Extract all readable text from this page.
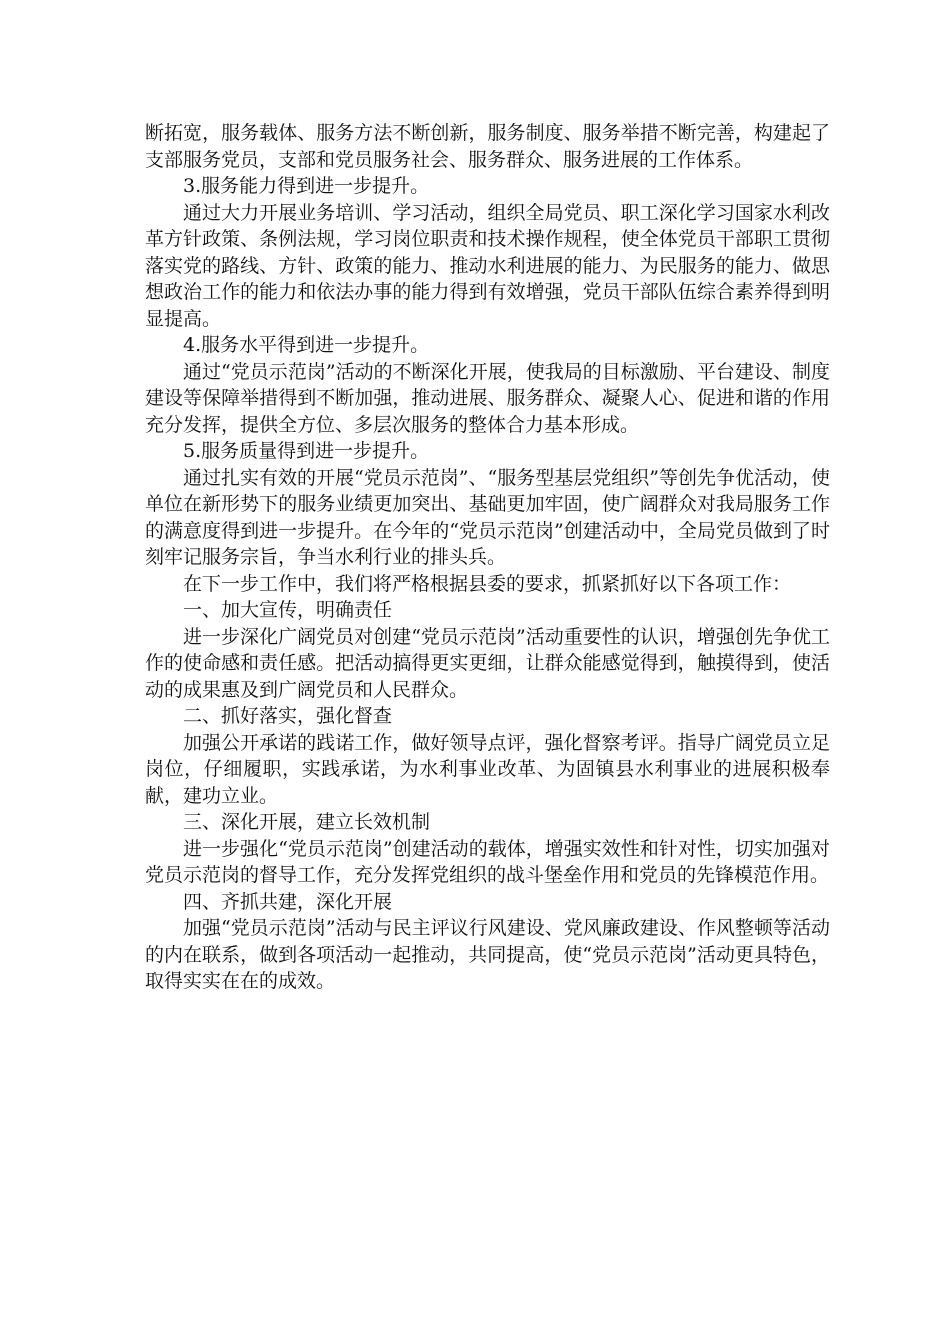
断拓宽，服务载体、服务方法不断创新，服务制度、服务举措不断完善，构建起了支部服务党员，支部和党员服务社会、服务群众、服务进展的工作体系。

3.服务能力得到进一步提升。

通过大力开展业务培训、学习活动，组织全局党员、职工深化学习国家水利改革方针政策、条例法规，学习岗位职责和技术操作规程，使全体党员干部职工贯彻落实党的路线、方针、政策的能力、推动水利进展的能力、为民服务的能力、做思想政治工作的能力和依法办事的能力得到有效增强，党员干部队伍综合素养得到明显提高。

4.服务水平得到进一步提升。

通过“党员示范岗”活动的不断深化开展，使我局的目标激励、平台建设、制度建设等保障举措得到不断加强，推动进展、服务群众、凝聚人心、促进和谐的作用充分发挥，提供全方位、多层次服务的整体合力基本形成。

5.服务质量得到进一步提升。

通过扎实有效的开展“党员示范岗”、“服务型基层党组织”等创先争优活动，使单位在新形势下的服务业绩更加突出、基础更加牢固，使广阔群众对我局服务工作的满意度得到进一步提升。在今年的“党员示范岗”创建活动中，全局党员做到了时刻牢记服务宗旨，争当水利行业的排头兵。

在下一步工作中，我们将严格根据县委的要求，抓紧抓好以下各项工作：

一、加大宣传，明确责任

进一步深化广阔党员对创建“党员示范岗”活动重要性的认识，增强创先争优工作的使命感和责任感。把活动搞得更实更细，让群众能感觉得到，触摸得到，使活动的成果惠及到广阔党员和人民群众。

二、抓好落实，强化督查

加强公开承诺的践诺工作，做好领导点评，强化督察考评。指导广阔党员立足岗位，仔细履职，实践承诺，为水利事业改革、为固镇县水利事业的进展积极奉献，建功立业。

三、深化开展，建立长效机制

进一步强化“党员示范岗”创建活动的载体，增强实效性和针对性，切实加强对党员示范岗的督导工作，充分发挥党组织的战斗堡垒作用和党员的先锋模范作用。

四、齐抓共建，深化开展

加强“党员示范岗”活动与民主评议行风建设、党风廉政建设、作风整顿等活动的内在联系，做到各项活动一起推动，共同提高，使“党员示范岗”活动更具特色，取得实实在在的成效。
